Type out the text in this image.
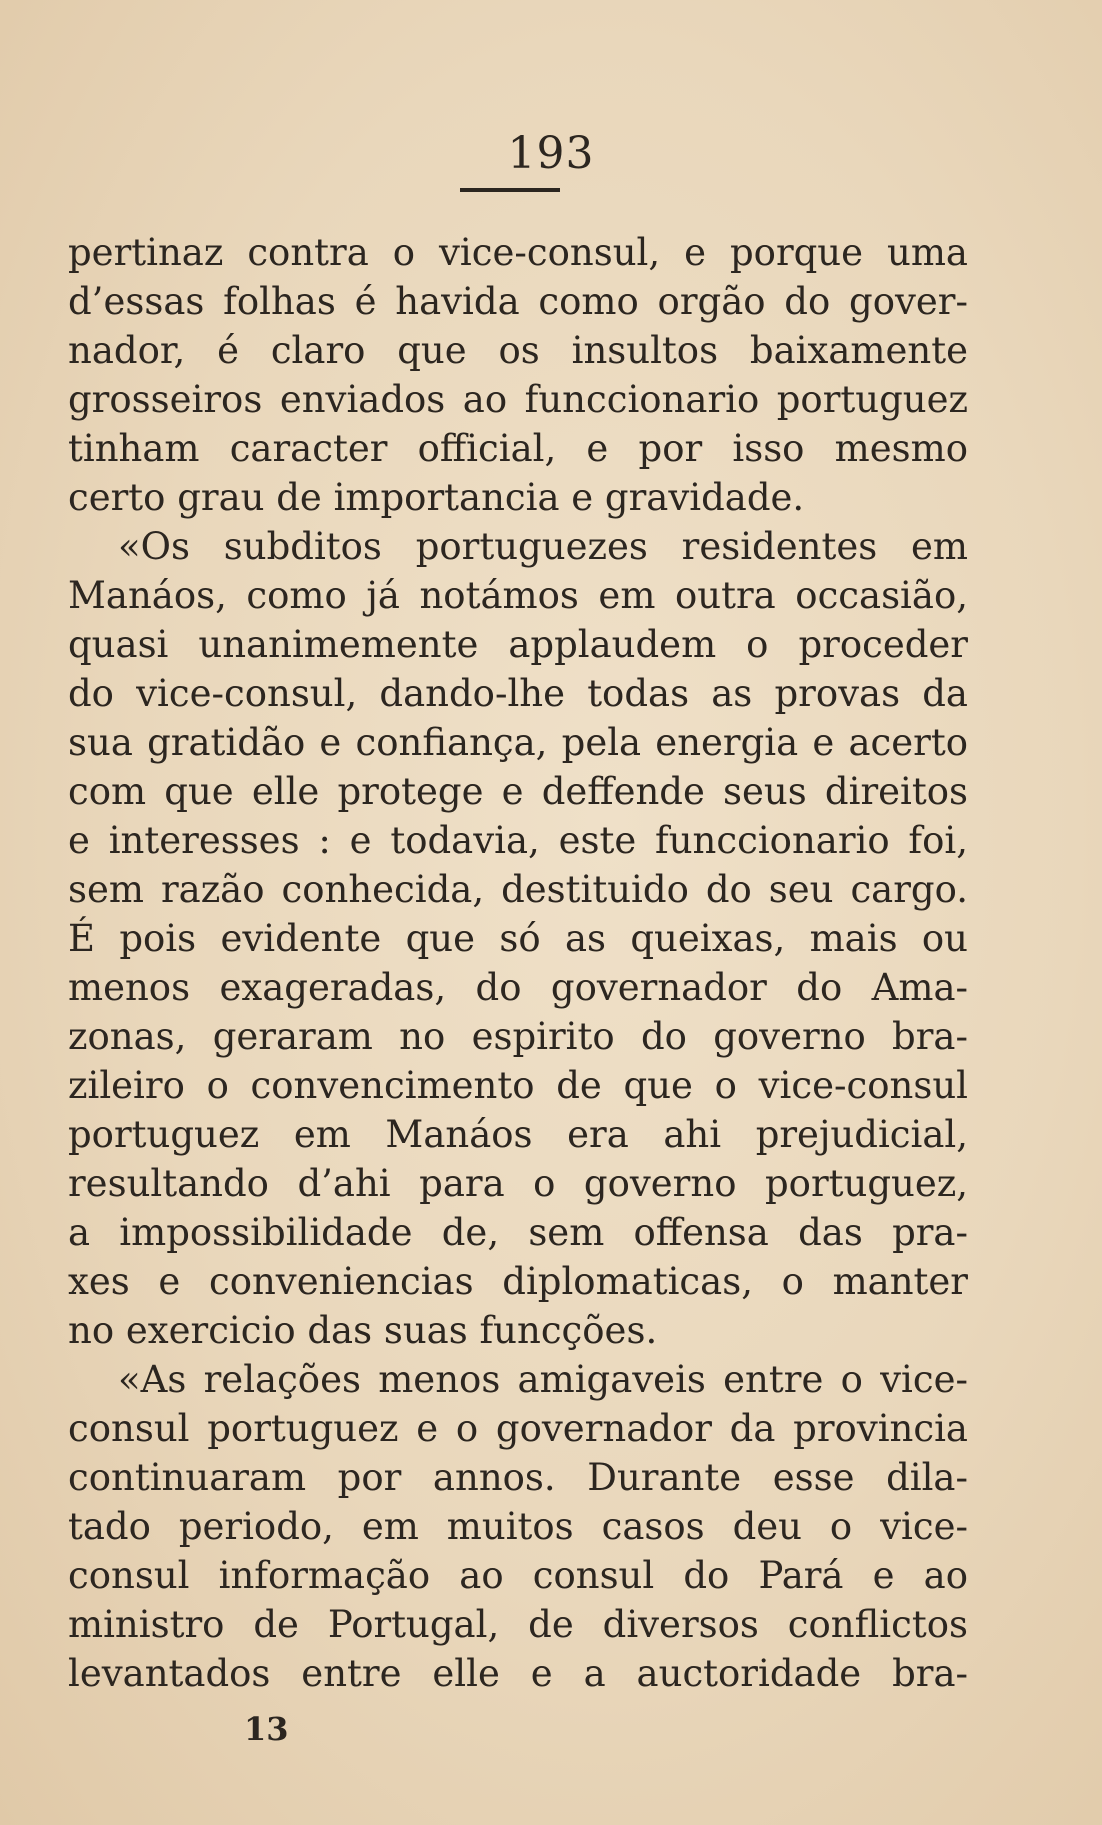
193
pertinaz contra o vice-consul, e porque uma
d’essas folhas é havida como orgão do gover-
nador, é claro que os insultos baixamente
grosseiros enviados ao funccionario portuguez
tinham caracter official, e por isso mesmo
certo grau de importancia e gravidade.
«Os subditos portuguezes residentes em
Manáos, como já notámos em outra occasião,
quasi unanimemente applaudem o proceder
do vice-consul, dando-lhe todas as provas da
sua gratidão e confiança, pela energia e acerto
com que elle protege e deffende seus direitos
e interesses : e todavia, este funccionario foi,
sem razão conhecida, destituido do seu cargo.
É pois evidente que só as queixas, mais ou
menos exageradas, do governador do Ama-
zonas, geraram no espirito do governo bra-
zileiro o convencimento de que o vice-consul
portuguez em Manáos era ahi prejudicial,
resultando d’ahi para o governo portuguez,
a impossibilidade de, sem offensa das pra-
xes e conveniencias diplomaticas, o manter
no exercicio das suas funcções.
«As relações menos amigaveis entre o vice-
consul portuguez e o governador da provincia
continuaram por annos. Durante esse dila-
tado periodo, em muitos casos deu o vice-
consul informação ao consul do Pará e ao
ministro de Portugal, de diversos conflictos
levantados entre elle e a auctoridade bra-
13
